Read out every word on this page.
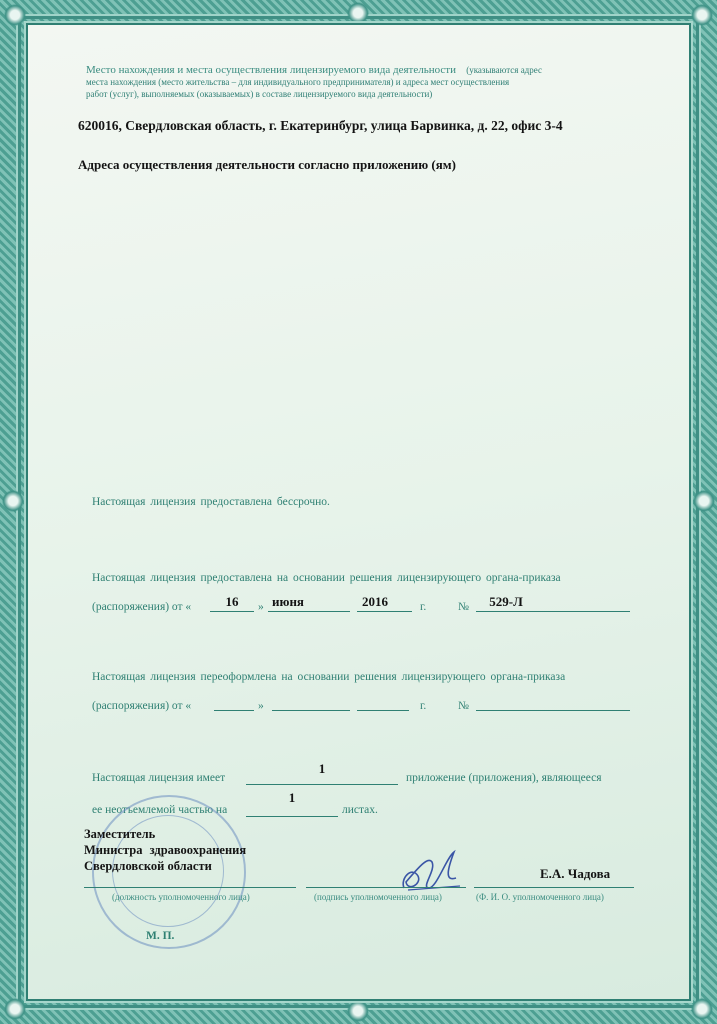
Место нахождения и места осуществления лицензируемого вида деятельности (указываются адрес
места нахождения (место жительства – для индивидуального предпринимателя) и адреса мест осуществления
работ (услуг), выполняемых (оказываемых) в составе лицензируемого вида деятельности)
620016, Свердловская область, г. Екатеринбург, улица Барвинка, д. 22, офис 3-4
Адреса осуществления деятельности согласно приложению (ям)
Настоящая лицензия предоставлена бессрочно.
Настоящая лицензия предоставлена на основании решения лицензирующего органа-приказа
(распоряжения) от «	16	» июня	2016	г.	№	529-Л
Настоящая лицензия переоформлена на основании решения лицензирующего органа-приказа
(распоряжения) от «	»	г.	№
Настоящая лицензия имеет
1
приложение (приложения), являющееся
ее неотъемлемой частью на
1
листах.
Заместитель
Министра здравоохранения
Свердловской области	Е.А. Чадова
(должность уполномоченного лица)	(подпись уполномоченного лица)	(Ф. И. О. уполномоченного лица)
М. П.
